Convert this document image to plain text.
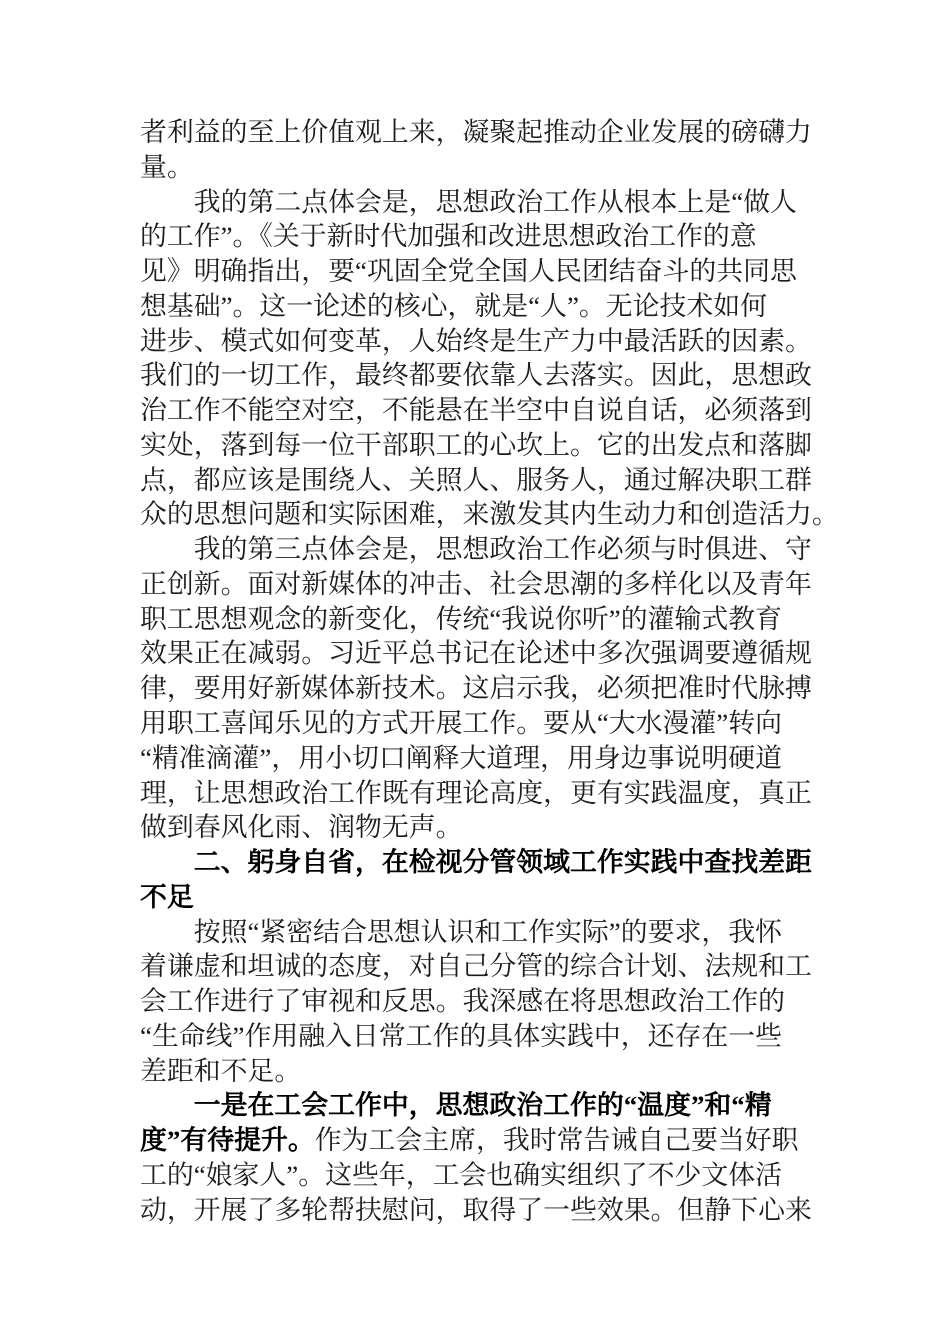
者利益的至上价值观上来，凝聚起推动企业发展的磅礴力
量。
我的第二点体会是，思想政治工作从根本上是“做人
的工作”。《关于新时代加强和改进思想政治工作的意
见》明确指出，要“巩固全党全国人民团结奋斗的共同思
想基础”。这一论述的核心，就是“人”。无论技术如何
进步、模式如何变革，人始终是生产力中最活跃的因素。
我们的一切工作，最终都要依靠人去落实。因此，思想政
治工作不能空对空，不能悬在半空中自说自话，必须落到
实处，落到每一位干部职工的心坎上。它的出发点和落脚
点，都应该是围绕人、关照人、服务人，通过解决职工群
众的思想问题和实际困难，来激发其内生动力和创造活力。
我的第三点体会是，思想政治工作必须与时俱进、守
正创新。面对新媒体的冲击、社会思潮的多样化以及青年
职工思想观念的新变化，传统“我说你听”的灌输式教育
效果正在减弱。习近平总书记在论述中多次强调要遵循规
律，要用好新媒体新技术。这启示我，必须把准时代脉搏
用职工喜闻乐见的方式开展工作。要从“大水漫灌”转向
“精准滴灌”，用小切口阐释大道理，用身边事说明硬道
理，让思想政治工作既有理论高度，更有实践温度，真正
做到春风化雨、润物无声。
二、躬身自省，在检视分管领域工作实践中查找差距
不足
按照“紧密结合思想认识和工作实际”的要求，我怀
着谦虚和坦诚的态度，对自己分管的综合计划、法规和工
会工作进行了审视和反思。我深感在将思想政治工作的
“生命线”作用融入日常工作的具体实践中，还存在一些
差距和不足。
一是在工会工作中，思想政治工作的“温度”和“精
度”有待提升。作为工会主席，我时常告诫自己要当好职
工的“娘家人”。这些年，工会也确实组织了不少文体活
动，开展了多轮帮扶慰问，取得了一些效果。但静下心来
